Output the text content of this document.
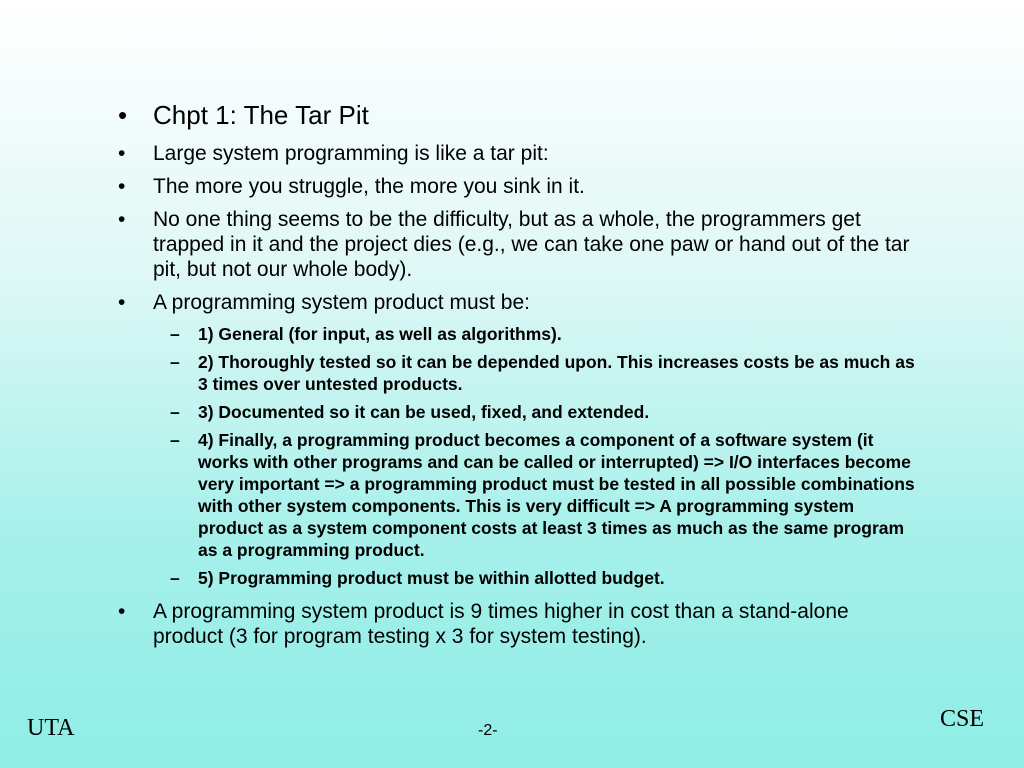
• Chpt 1: The Tar Pit
•	Large system programming is like a tar pit:
•	The more you struggle, the more you sink in it.
•	No one thing seems to be the difficulty, but as a whole, the programmers get trapped in it and the project dies (e.g., we can take one paw or hand out of the tar pit, but not our whole body).
•	A programming system product must be:
–	1) General (for input, as well as algorithms).
–	2) Thoroughly tested so it can be depended upon. This increases costs be as much as 3 times over untested products.
–	3) Documented so it can be used, fixed, and extended.
–	4) Finally, a programming product becomes a component of a software system (it works with other programs and can be called or interrupted) => I/O interfaces become very important => a programming product must be tested in all possible combinations with other system components. This is very difficult => A programming system product as a system component costs at least 3 times as much as the same program as a programming product.
–	5) Programming product must be within allotted budget.
•	A programming system product is 9 times higher in cost than a stand-alone product (3 for program testing x 3 for system testing).
UTA	-2-	CSE
